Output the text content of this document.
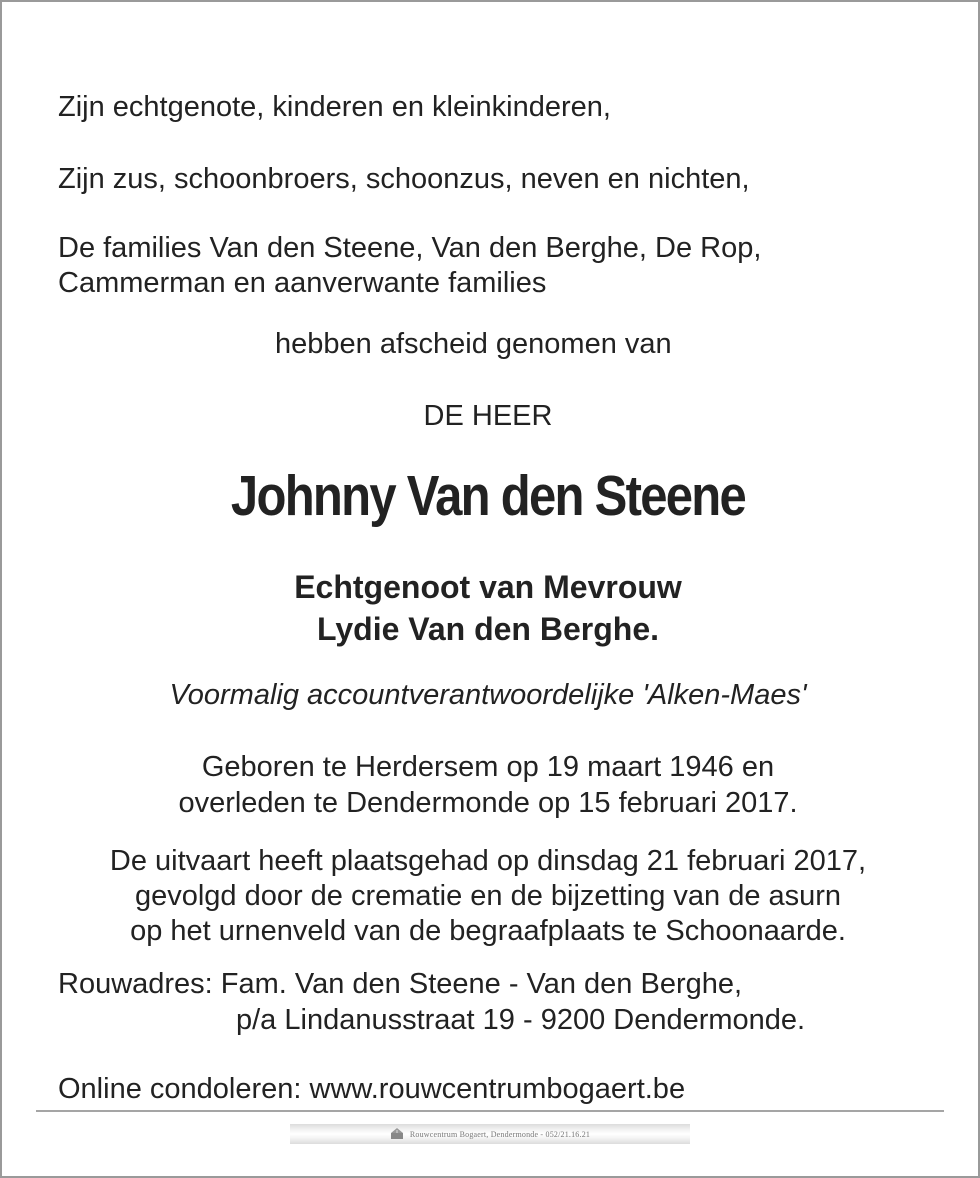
Zijn echtgenote, kinderen en kleinkinderen,
Zijn zus, schoonbroers, schoonzus, neven en nichten,
De families Van den Steene, Van den Berghe, De Rop,
Cammerman en aanverwante families
hebben afscheid genomen van
DE HEER
Johnny Van den Steene
Echtgenoot van Mevrouw
Lydie Van den Berghe.
Voormalig accountverantwoordelijke 'Alken-Maes'
Geboren te Herdersem op 19 maart 1946 en
overleden te Dendermonde op 15 februari 2017.
De uitvaart heeft plaatsgehad op dinsdag 21 februari 2017,
gevolgd door de crematie en de bijzetting van de asurn
op het urnenveld van de begraafplaats te Schoonaarde.
Rouwadres: Fam. Van den Steene - Van den Berghe,
p/a Lindanusstraat 19 - 9200 Dendermonde.
Online condoleren: www.rouwcentrumbogaert.be
Rouwcentrum Bogaert, Dendermonde - 052/21.16.21
